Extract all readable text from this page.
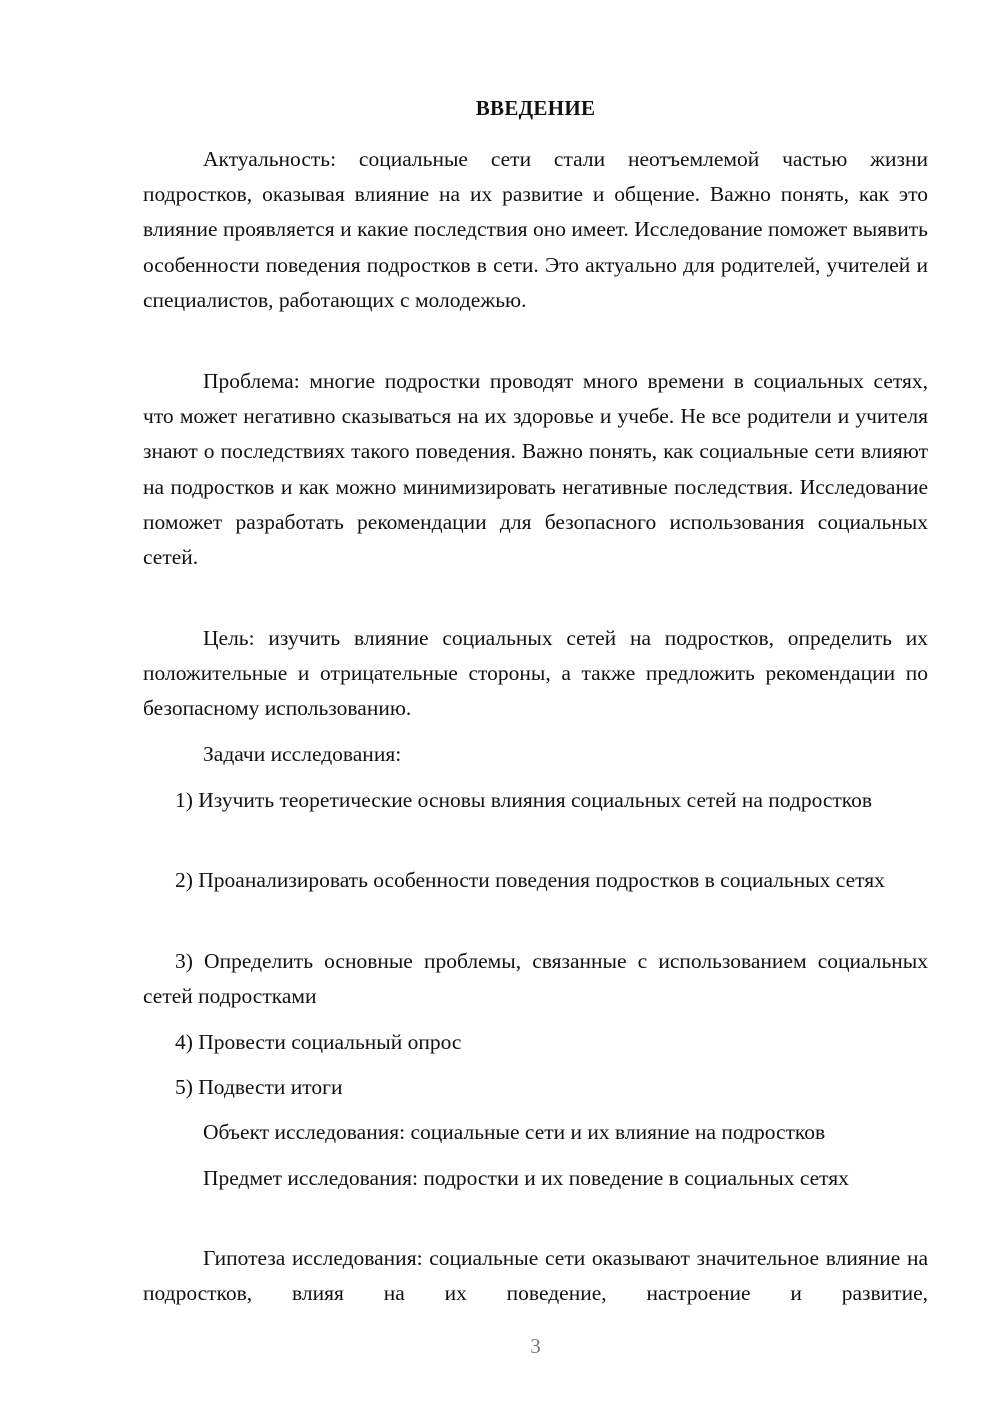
ВВЕДЕНИЕ

Актуальность: социальные сети стали неотъемлемой частью жизни подростков, оказывая влияние на их развитие и общение. Важно понять, как это влияние проявляется и какие последствия оно имеет. Исследование поможет выявить особенности поведения подростков в сети. Это актуально для родителей, учителей и специалистов, работающих с молодежью.

Проблема: многие подростки проводят много времени в социальных сетях, что может негативно сказываться на их здоровье и учебе. Не все родители и учителя знают о последствиях такого поведения. Важно понять, как социальные сети влияют на подростков и как можно минимизировать негативные последствия. Исследование поможет разработать рекомендации для безопасного использования социальных сетей.

Цель: изучить влияние социальных сетей на подростков, определить их положительные и отрицательные стороны, а также предложить рекомендации по безопасному использованию.

Задачи исследования:

1) Изучить теоретические основы влияния социальных сетей на подростков

2) Проанализировать особенности поведения подростков в социальных сетях

3) Определить основные проблемы, связанные с использованием социальных сетей подростками

4) Провести социальный опрос

5) Подвести итоги

Объект исследования: социальные сети и их влияние на подростков

Предмет исследования: подростки и их поведение в социальных сетях

Гипотеза исследования: социальные сети оказывают значительное влияние на подростков, влияя на их поведение, настроение и развитие,

3
